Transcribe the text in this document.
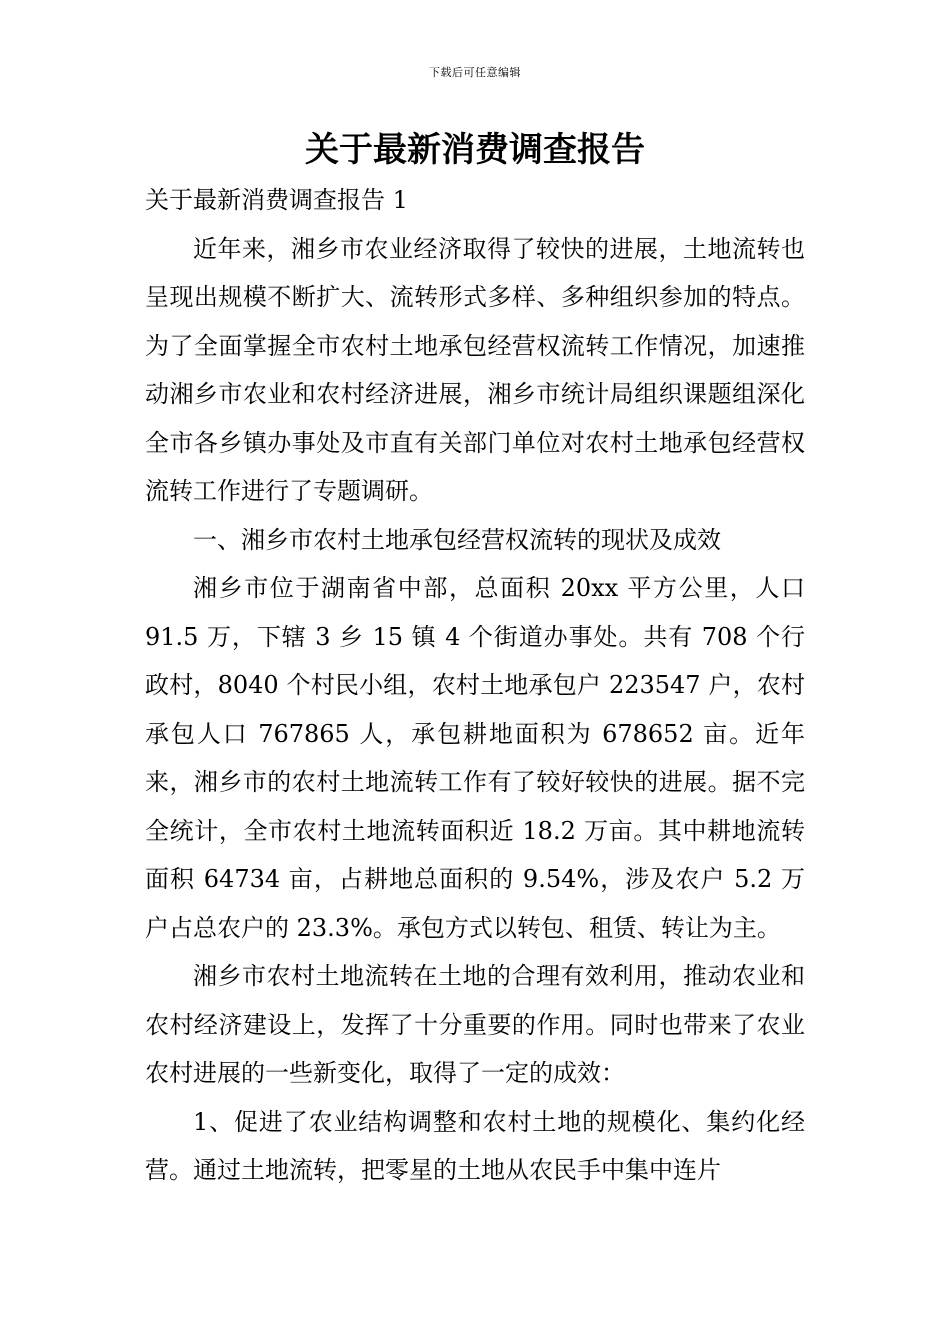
下载后可任意编辑
关于最新消费调查报告

关于最新消费调查报告 1

近年来，湘乡市农业经济取得了较快的进展，土地流转也呈现出规模不断扩大、流转形式多样、多种组织参加的特点。为了全面掌握全市农村土地承包经营权流转工作情况，加速推动湘乡市农业和农村经济进展，湘乡市统计局组织课题组深化全市各乡镇办事处及市直有关部门单位对农村土地承包经营权流转工作进行了专题调研。

一、湘乡市农村土地承包经营权流转的现状及成效

湘乡市位于湖南省中部，总面积 20xx 平方公里，人口 91.5 万，下辖 3 乡 15 镇 4 个街道办事处。共有 708 个行政村，8040 个村民小组，农村土地承包户 223547 户，农村承包人口 767865 人，承包耕地面积为 678652 亩。近年来，湘乡市的农村土地流转工作有了较好较快的进展。据不完全统计，全市农村土地流转面积近 18.2 万亩。其中耕地流转面积 64734 亩，占耕地总面积的 9.54%，涉及农户 5.2 万户占总农户的 23.3%。承包方式以转包、租赁、转让为主。

湘乡市农村土地流转在土地的合理有效利用，推动农业和农村经济建设上，发挥了十分重要的作用。同时也带来了农业农村进展的一些新变化，取得了一定的成效：

1、促进了农业结构调整和农村土地的规模化、集约化经营。通过土地流转，把零星的土地从农民手中集中连片
